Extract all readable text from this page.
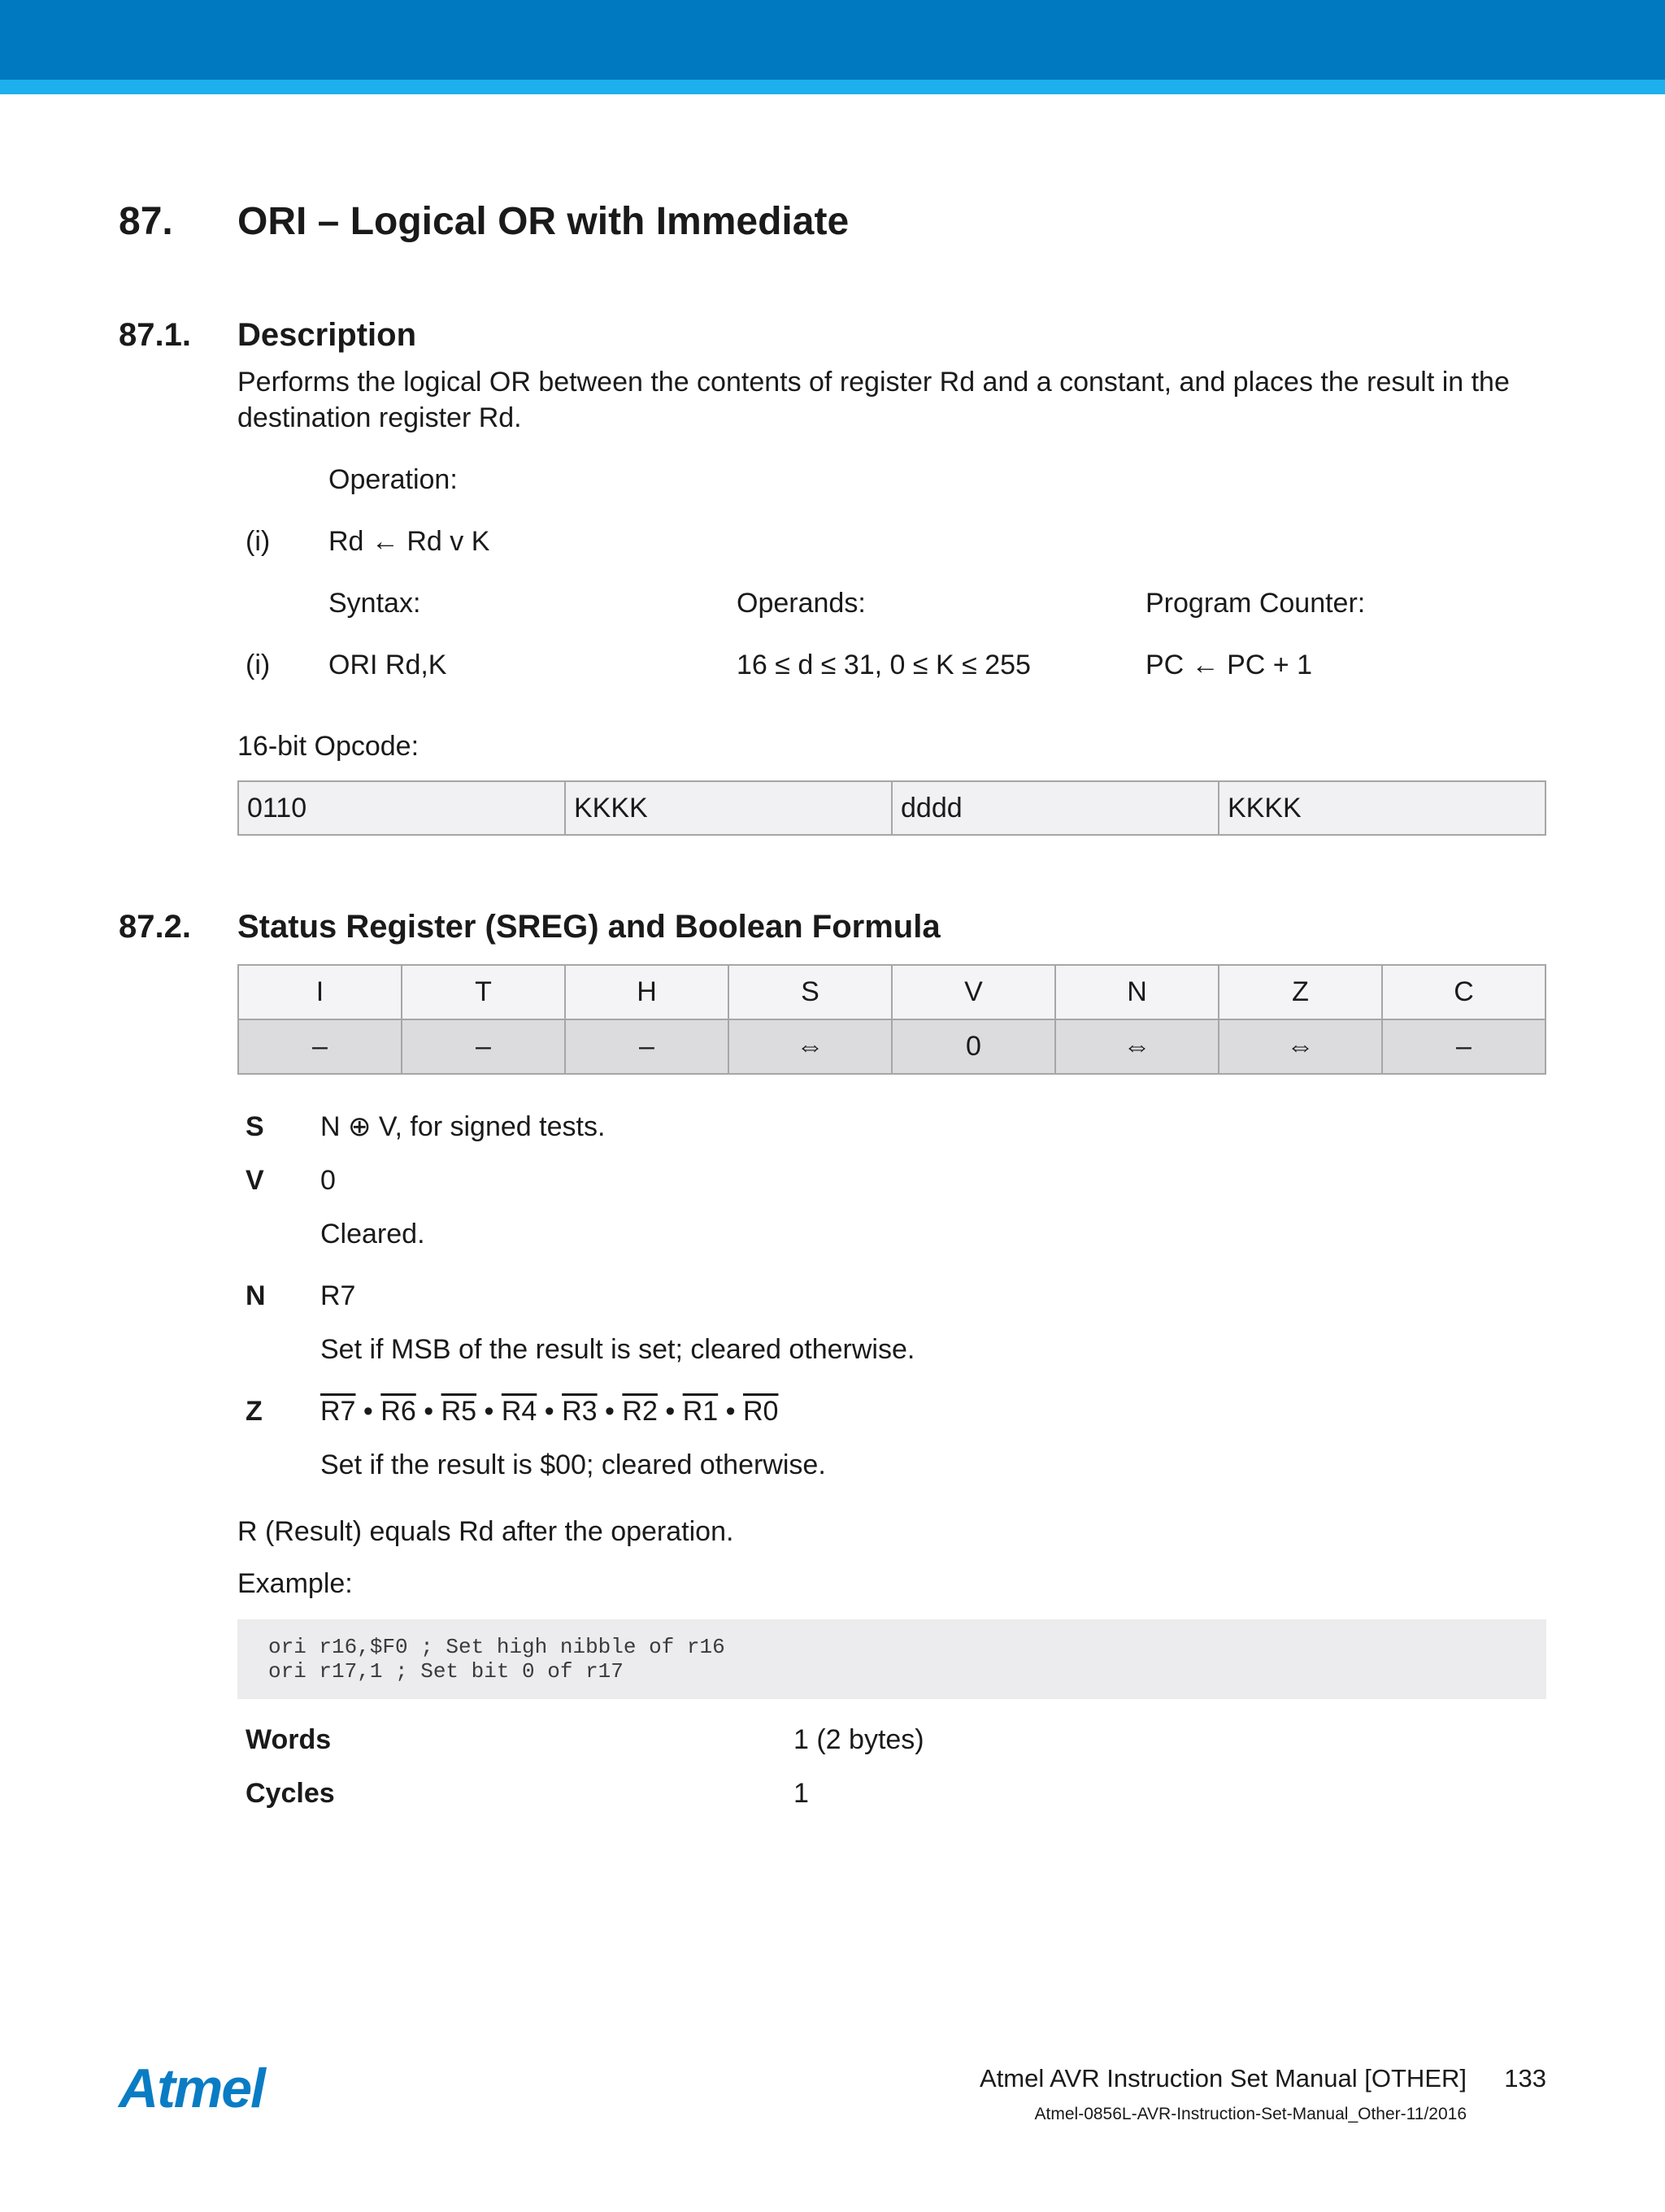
87. ORI – Logical OR with Immediate
87.1. Description
Performs the logical OR between the contents of register Rd and a constant, and places the result in the
destination register Rd.
Operation:
(i) Rd ← Rd v K
Syntax:	Operands:	Program Counter:
(i) ORI Rd,K	16 ≤ d ≤ 31, 0 ≤ K ≤ 255	PC ← PC + 1
16-bit Opcode:
0110	KKKK	dddd	KKKK
87.2. Status Register (SREG) and Boolean Formula
I	T	H	S	V	N	Z	C
–	–	–	⇔	0	⇔	⇔	–
S N ⊕ V, for signed tests.
V 0
Cleared.
N R7
Set if MSB of the result is set; cleared otherwise.
Z R7 • R6 • R5 • R4 • R3 • R2 • R1 • R0
Set if the result is $00; cleared otherwise.
R (Result) equals Rd after the operation.
Example:
ori r16,$F0 ; Set high nibble of r16
ori r17,1 ; Set bit 0 of r17
Words	1 (2 bytes)
Cycles	1
Atmel	Atmel AVR Instruction Set Manual [OTHER] 133
Atmel-0856L-AVR-Instruction-Set-Manual_Other-11/2016
